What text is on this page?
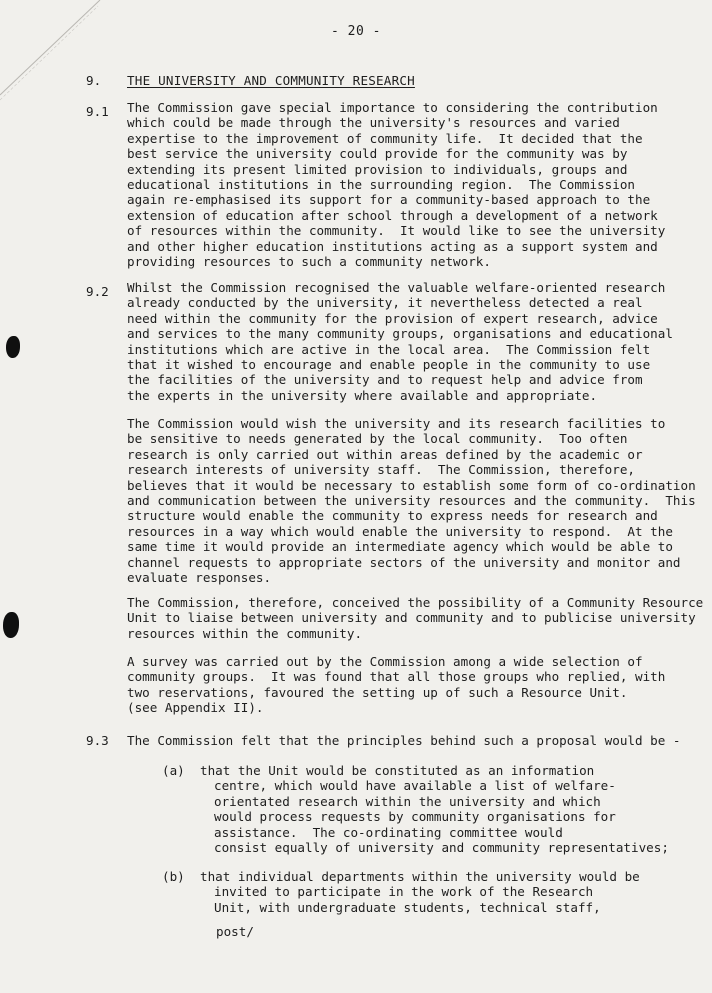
- 20 -
9. THE UNIVERSITY AND COMMUNITY RESEARCH
9.1 The Commission gave special importance to considering the contribution
which could be made through the university's resources and varied
expertise to the improvement of community life.  It decided that the
best service the university could provide for the community was by
extending its present limited provision to individuals, groups and
educational institutions in the surrounding region.  The Commission
again re-emphasised its support for a community-based approach to the
extension of education after school through a development of a network
of resources within the community.  It would like to see the university
and other higher education institutions acting as a support system and
providing resources to such a community network.
9.2 Whilst the Commission recognised the valuable welfare-oriented research
already conducted by the university, it nevertheless detected a real
need within the community for the provision of expert research, advice
and services to the many community groups, organisations and educational
institutions which are active in the local area.  The Commission felt
that it wished to encourage and enable people in the community to use
the facilities of the university and to request help and advice from
the experts in the university where available and appropriate.
The Commission would wish the university and its research facilities to
be sensitive to needs generated by the local community.  Too often
research is only carried out within areas defined by the academic or
research interests of university staff.  The Commission, therefore,
believes that it would be necessary to establish some form of co-ordination
and communication between the university resources and the community.  This
structure would enable the community to express needs for research and
resources in a way which would enable the university to respond.  At the
same time it would provide an intermediate agency which would be able to
channel requests to appropriate sectors of the university and monitor and
evaluate responses.
The Commission, therefore, conceived the possibility of a Community Resource
Unit to liaise between university and community and to publicise university
resources within the community.
A survey was carried out by the Commission among a wide selection of
community groups.  It was found that all those groups who replied, with
two reservations, favoured the setting up of such a Resource Unit.
(see Appendix II).
9.3 The Commission felt that the principles behind such a proposal would be -
(a) that the Unit would be constituted as an information
centre, which would have available a list of welfare-
orientated research within the university and which
would process requests by community organisations for
assistance.  The co-ordinating committee would
consist equally of university and community representatives;
(b) that individual departments within the university would be
invited to participate in the work of the Research
Unit, with undergraduate students, technical staff,
post/
